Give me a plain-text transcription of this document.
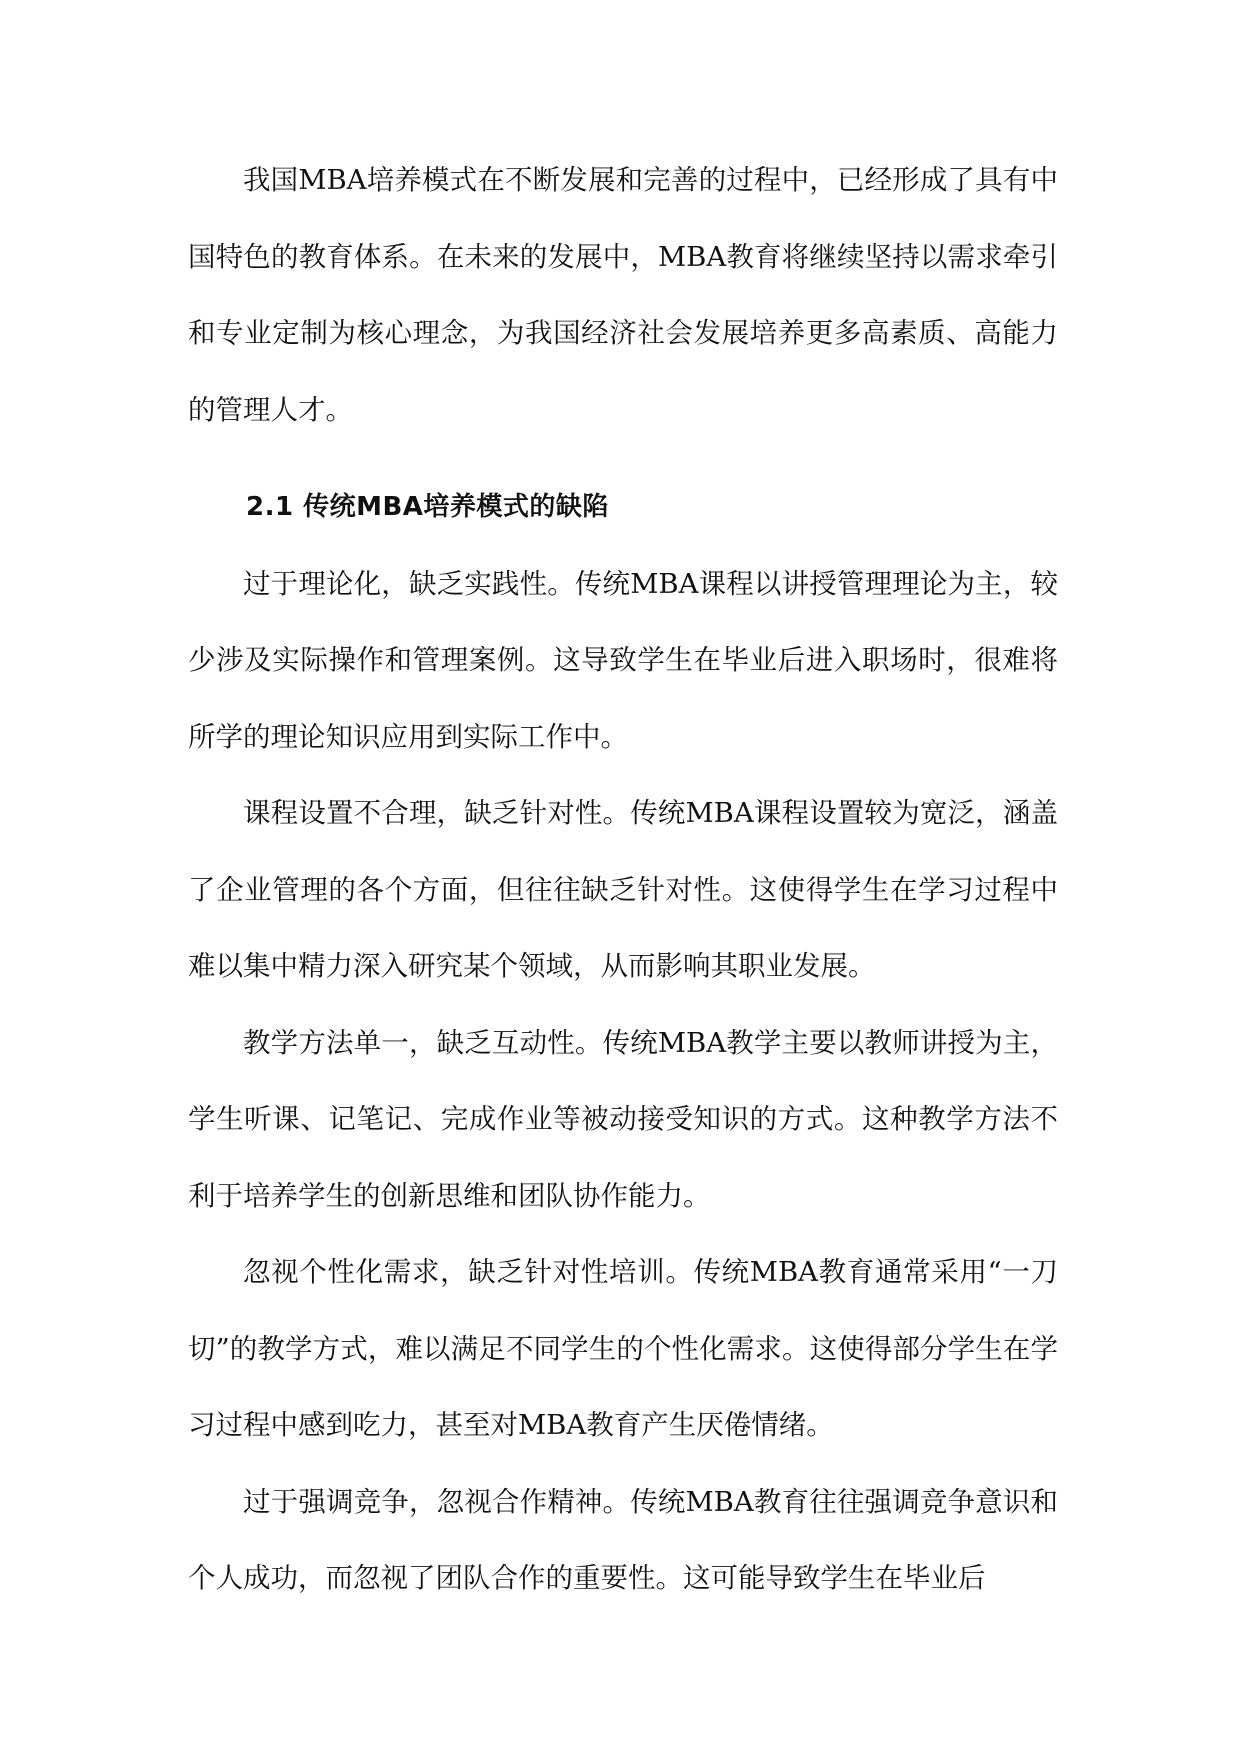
我国MBA培养模式在不断发展和完善的过程中，已经形成了具有中国特色的教育体系。在未来的发展中，MBA教育将继续坚持以需求牵引和专业定制为核心理念，为我国经济社会发展培养更多高素质、高能力的管理人才。

2.1 传统MBA培养模式的缺陷

过于理论化，缺乏实践性。传统MBA课程以讲授管理理论为主，较少涉及实际操作和管理案例。这导致学生在毕业后进入职场时，很难将所学的理论知识应用到实际工作中。

课程设置不合理，缺乏针对性。传统MBA课程设置较为宽泛，涵盖了企业管理的各个方面，但往往缺乏针对性。这使得学生在学习过程中难以集中精力深入研究某个领域，从而影响其职业发展。

教学方法单一，缺乏互动性。传统MBA教学主要以教师讲授为主，学生听课、记笔记、完成作业等被动接受知识的方式。这种教学方法不利于培养学生的创新思维和团队协作能力。

忽视个性化需求，缺乏针对性培训。传统MBA教育通常采用“一刀切”的教学方式，难以满足不同学生的个性化需求。这使得部分学生在学习过程中感到吃力，甚至对MBA教育产生厌倦情绪。

过于强调竞争，忽视合作精神。传统MBA教育往往强调竞争意识和个人成功，而忽视了团队合作的重要性。这可能导致学生在毕业后
